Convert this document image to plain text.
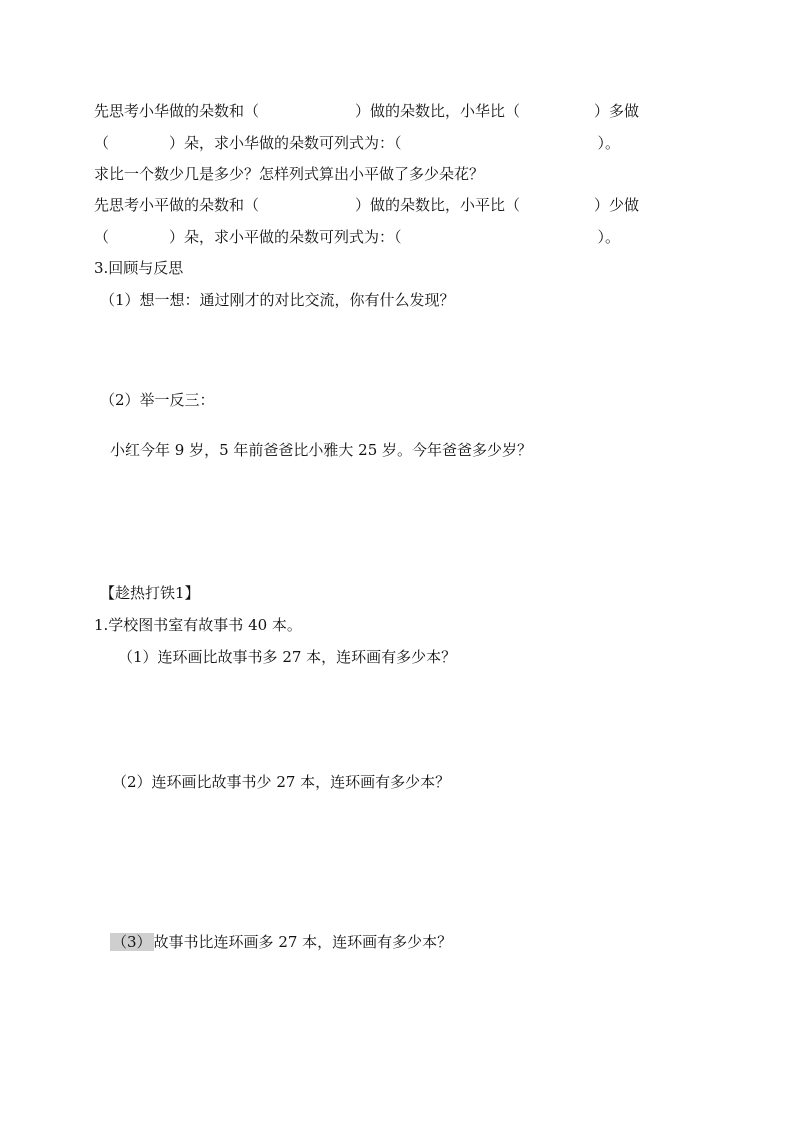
先思考小华做的朵数和（	）做的朵数比，小华比（	）多做
（	）朵，求小华做的朵数可列式为：（	）。
求比一个数少几是多少？怎样列式算出小平做了多少朵花？
先思考小平做的朵数和（	）做的朵数比，小平比（	）少做
（	）朵，求小平做的朵数可列式为：（	）。
3.回顾与反思
（1）想一想：通过刚才的对比交流，你有什么发现？
（2）举一反三：
小红今年 9 岁，5 年前爸爸比小雅大 25 岁。今年爸爸多少岁？
【趁热打铁1】
1.学校图书室有故事书 40 本。
（1）连环画比故事书多 27 本，连环画有多少本？
（2）连环画比故事书少 27 本，连环画有多少本？
（3） 故事书比连环画多 27 本，连环画有多少本？
